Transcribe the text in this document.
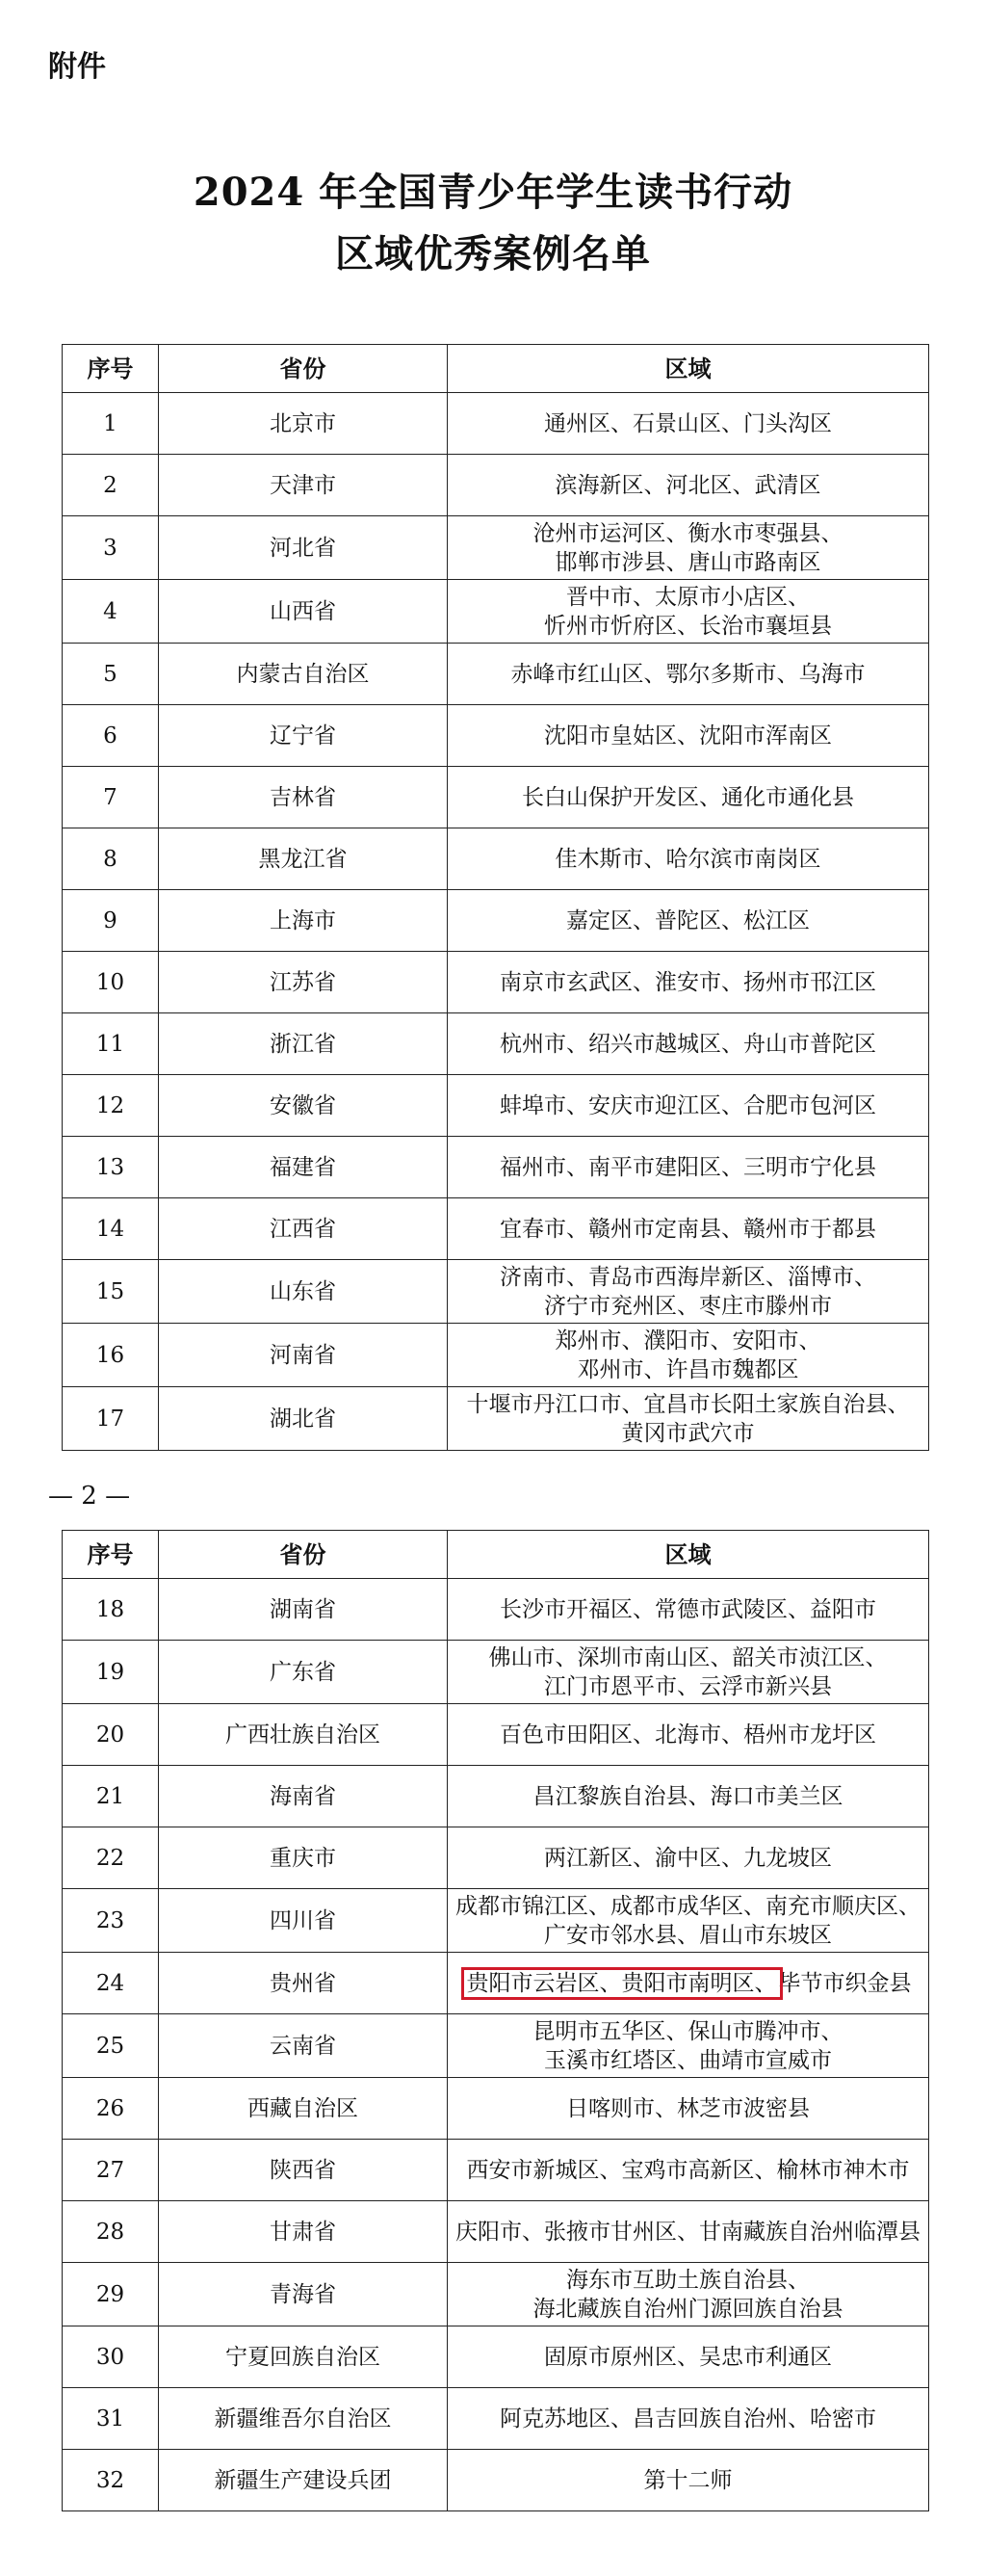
附件
2024 年全国青少年学生读书行动
区域优秀案例名单
序号	省份	区域
1	北京市	通州区、石景山区、门头沟区
2	天津市	滨海新区、河北区、武清区
3	河北省	沧州市运河区、衡水市枣强县、
邯郸市涉县、唐山市路南区
4	山西省	晋中市、太原市小店区、
忻州市忻府区、长治市襄垣县
5	内蒙古自治区	赤峰市红山区、鄂尔多斯市、乌海市
6	辽宁省	沈阳市皇姑区、沈阳市浑南区
7	吉林省	长白山保护开发区、通化市通化县
8	黑龙江省	佳木斯市、哈尔滨市南岗区
9	上海市	嘉定区、普陀区、松江区
10	江苏省	南京市玄武区、淮安市、扬州市邗江区
11	浙江省	杭州市、绍兴市越城区、舟山市普陀区
12	安徽省	蚌埠市、安庆市迎江区、合肥市包河区
13	福建省	福州市、南平市建阳区、三明市宁化县
14	江西省	宜春市、赣州市定南县、赣州市于都县
15	山东省	济南市、青岛市西海岸新区、淄博市、
济宁市兖州区、枣庄市滕州市
16	河南省	郑州市、濮阳市、安阳市、
邓州市、许昌市魏都区
17	湖北省	十堰市丹江口市、宜昌市长阳土家族自治县、
黄冈市武穴市
— 2 —
序号	省份	区域
18	湖南省	长沙市开福区、常德市武陵区、益阳市
19	广东省	佛山市、深圳市南山区、韶关市浈江区、
江门市恩平市、云浮市新兴县
20	广西壮族自治区	百色市田阳区、北海市、梧州市龙圩区
21	海南省	昌江黎族自治县、海口市美兰区
22	重庆市	两江新区、渝中区、九龙坡区
23	四川省	成都市锦江区、成都市成华区、南充市顺庆区、
广安市邻水县、眉山市东坡区
24	贵州省	贵阳市云岩区、贵阳市南明区、毕节市织金县
25	云南省	昆明市五华区、保山市腾冲市、
玉溪市红塔区、曲靖市宣威市
26	西藏自治区	日喀则市、林芝市波密县
27	陕西省	西安市新城区、宝鸡市高新区、榆林市神木市
28	甘肃省	庆阳市、张掖市甘州区、甘南藏族自治州临潭县
29	青海省	海东市互助土族自治县、
海北藏族自治州门源回族自治县
30	宁夏回族自治区	固原市原州区、吴忠市利通区
31	新疆维吾尔自治区	阿克苏地区、昌吉回族自治州、哈密市
32	新疆生产建设兵团	第十二师
